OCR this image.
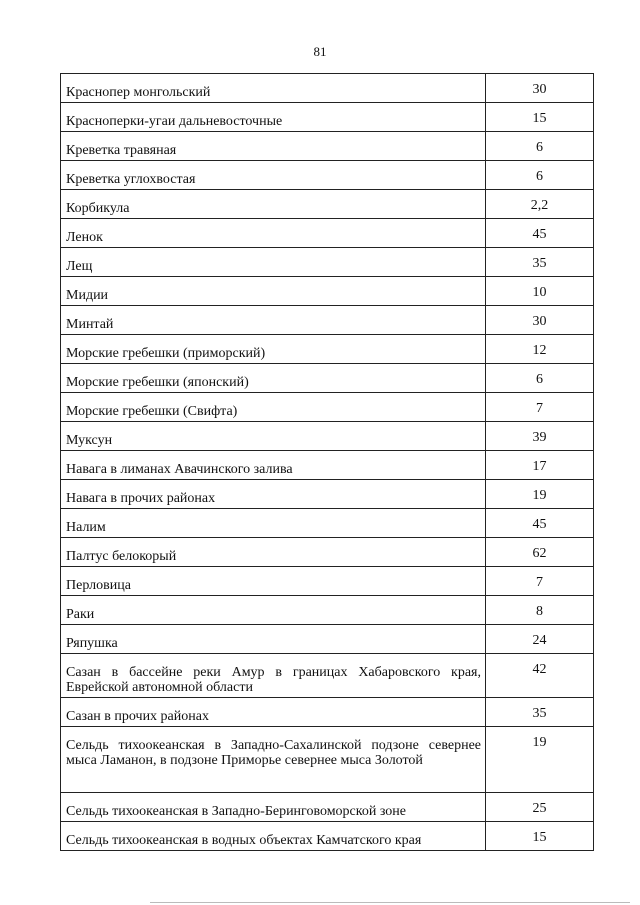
81
Краснопер монгольский	30
Красноперки-угаи дальневосточные	15
Креветка травяная	6
Креветка углохвостая	6
Корбикула	2,2
Ленок	45
Лещ	35
Мидии	10
Минтай	30
Морские гребешки (приморский)	12
Морские гребешки (японский)	6
Морские гребешки (Свифта)	7
Муксун	39
Навага в лиманах Авачинского залива	17
Навага в прочих районах	19
Налим	45
Палтус белокорый	62
Перловица	7
Раки	8
Ряпушка	24
Сазан в бассейне реки Амур в границах Хабаровского края, Еврейской автономной области	42
Сазан в прочих районах	35
Сельдь тихоокеанская в Западно-Сахалинской подзоне севернее мыса Ламанон, в подзоне Приморье севернее мыса Золотой	19
Сельдь тихоокеанская в Западно-Беринговоморской зоне	25
Сельдь тихоокеанская в водных объектах Камчатского края	15
